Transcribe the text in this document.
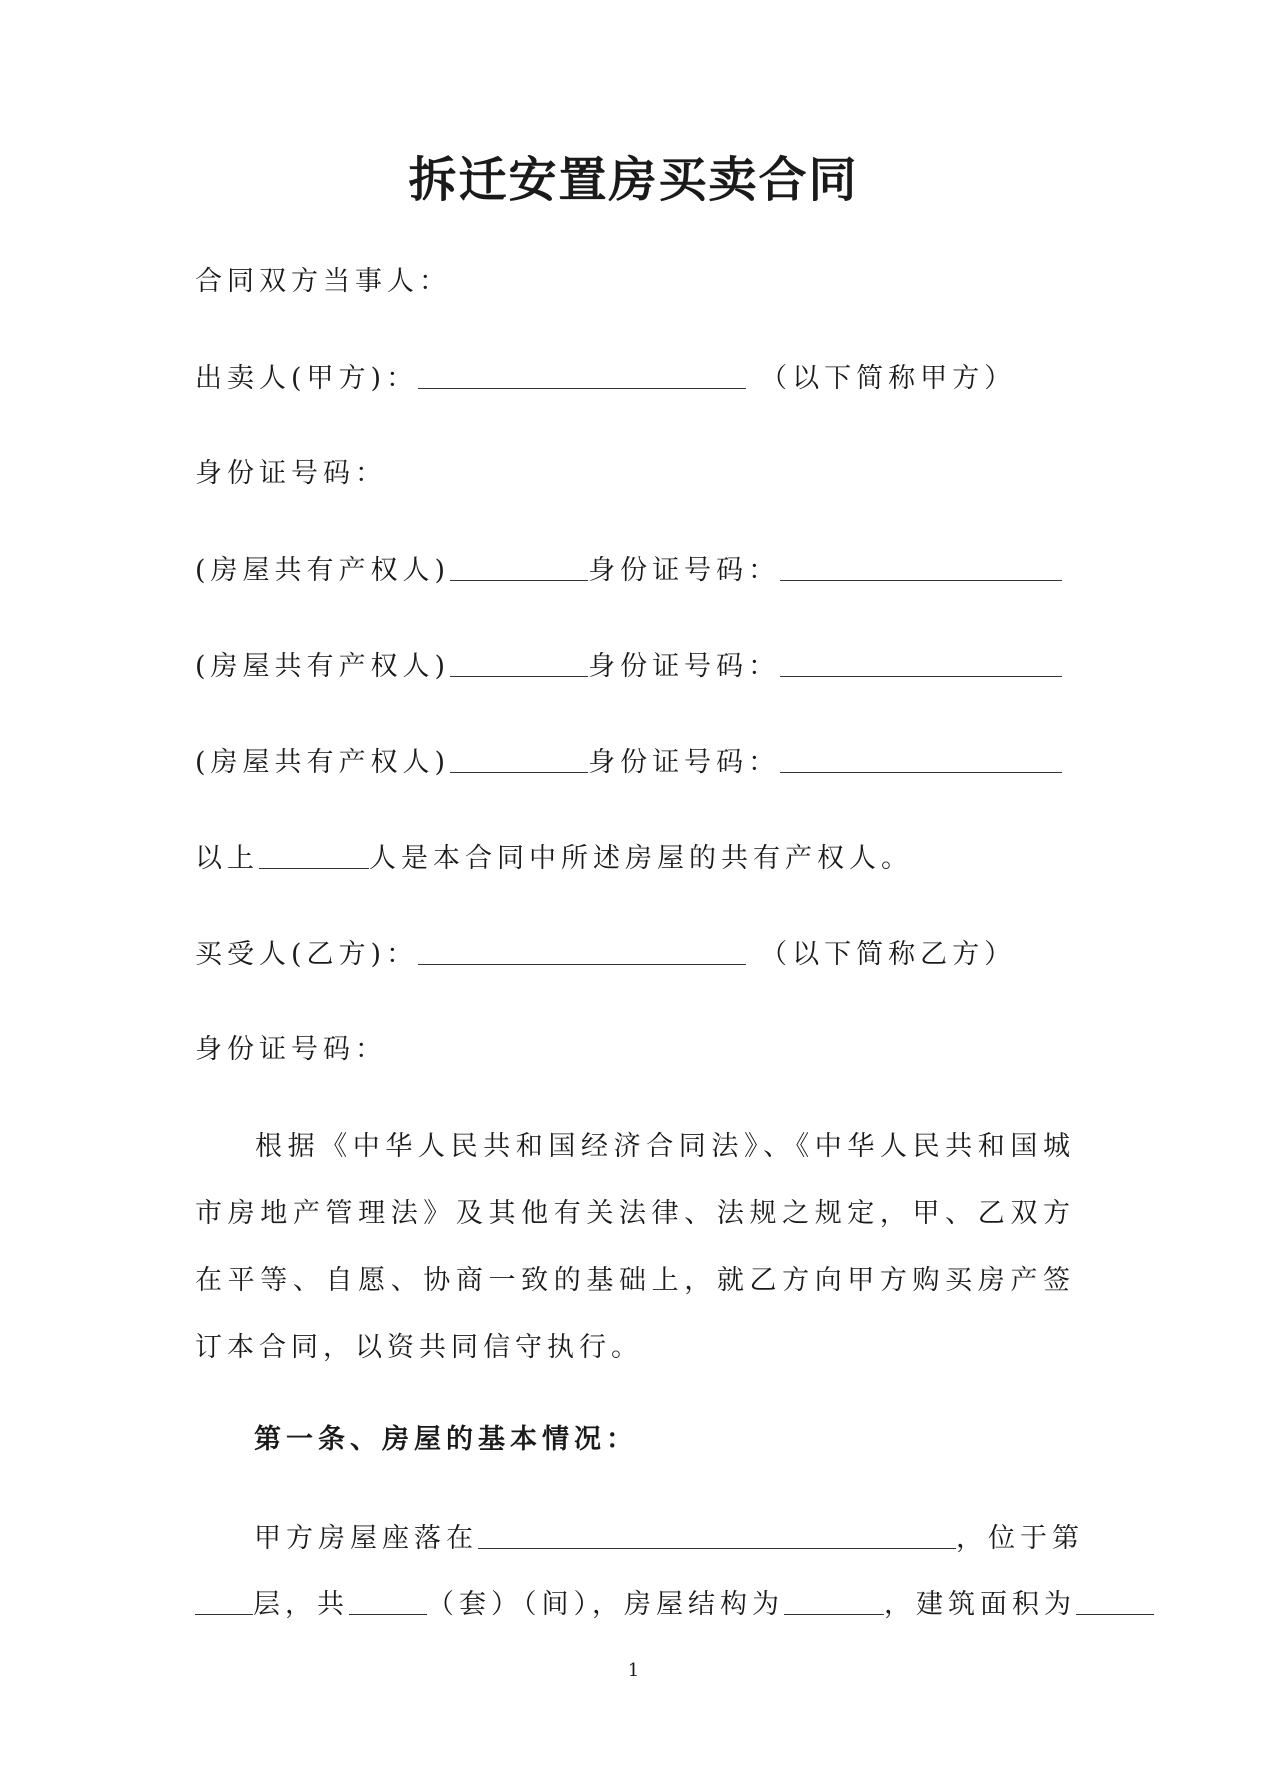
拆迁安置房买卖合同
合同双方当事人：
出卖人(甲方)：	（以下简称甲方）
身份证号码：
(房屋共有产权人)	身份证号码：
(房屋共有产权人)	身份证号码：
(房屋共有产权人)	身份证号码：
以上	人是本合同中所述房屋的共有产权人。
买受人(乙方)：	（以下简称乙方）
身份证号码：
根据《中华人民共和国经济合同法》、《中华人民共和国城市房地产管理法》及其他有关法律、法规之规定，甲、乙双方在平等、自愿、协商一致的基础上，就乙方向甲方购买房产签订本合同，以资共同信守执行。
第一条、房屋的基本情况：
甲方房屋座落在	，位于第
层，共	（套）（间），房屋结构为	，建筑面积为
1
